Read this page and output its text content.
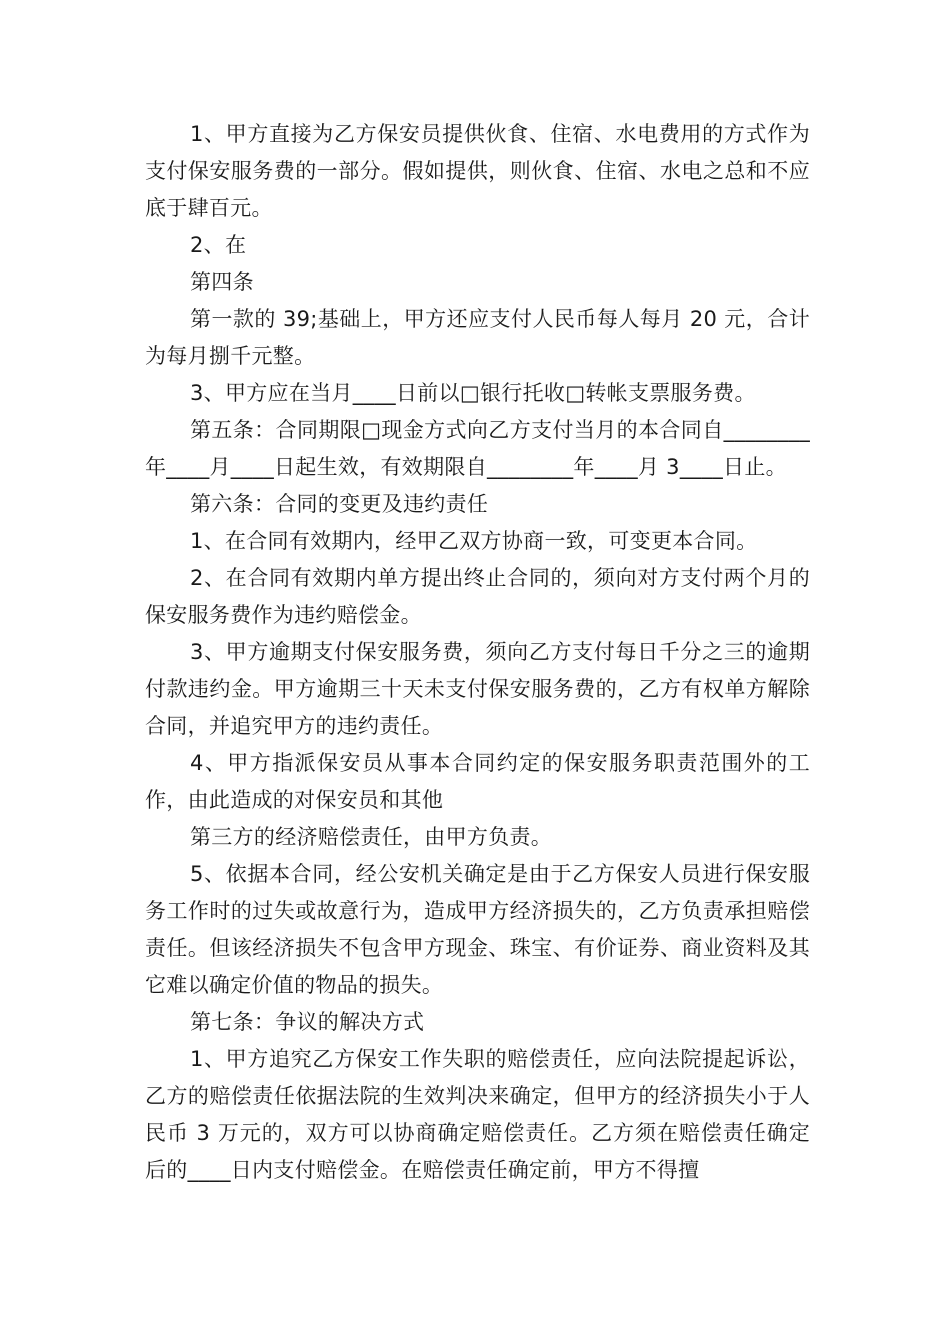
1、甲方直接为乙方保安员提供伙食、住宿、水电费用的方式作为支付保安服务费的一部分。假如提供，则伙食、住宿、水电之总和不应底于肆百元。

2、在

第四条

第一款的 39;基础上，甲方还应支付人民币每人每月 20 元，合计为每月捌千元整。

3、甲方应在当月____日前以□银行托收□转帐支票服务费。

第五条：合同期限□现金方式向乙方支付当月的本合同自________年____月____日起生效，有效期限自________年____月 3____日止。

第六条：合同的变更及违约责任

1、在合同有效期内，经甲乙双方协商一致，可变更本合同。

2、在合同有效期内单方提出终止合同的，须向对方支付两个月的保安服务费作为违约赔偿金。

3、甲方逾期支付保安服务费，须向乙方支付每日千分之三的逾期付款违约金。甲方逾期三十天未支付保安服务费的，乙方有权单方解除合同，并追究甲方的违约责任。

4、甲方指派保安员从事本合同约定的保安服务职责范围外的工作，由此造成的对保安员和其他

第三方的经济赔偿责任，由甲方负责。

5、依据本合同，经公安机关确定是由于乙方保安人员进行保安服务工作时的过失或故意行为，造成甲方经济损失的，乙方负责承担赔偿责任。但该经济损失不包含甲方现金、珠宝、有价证券、商业资料及其它难以确定价值的物品的损失。

第七条：争议的解决方式

1、甲方追究乙方保安工作失职的赔偿责任，应向法院提起诉讼，乙方的赔偿责任依据法院的生效判决来确定，但甲方的经济损失小于人民币 3 万元的，双方可以协商确定赔偿责任。乙方须在赔偿责任确定后的____日内支付赔偿金。在赔偿责任确定前，甲方不得擅
